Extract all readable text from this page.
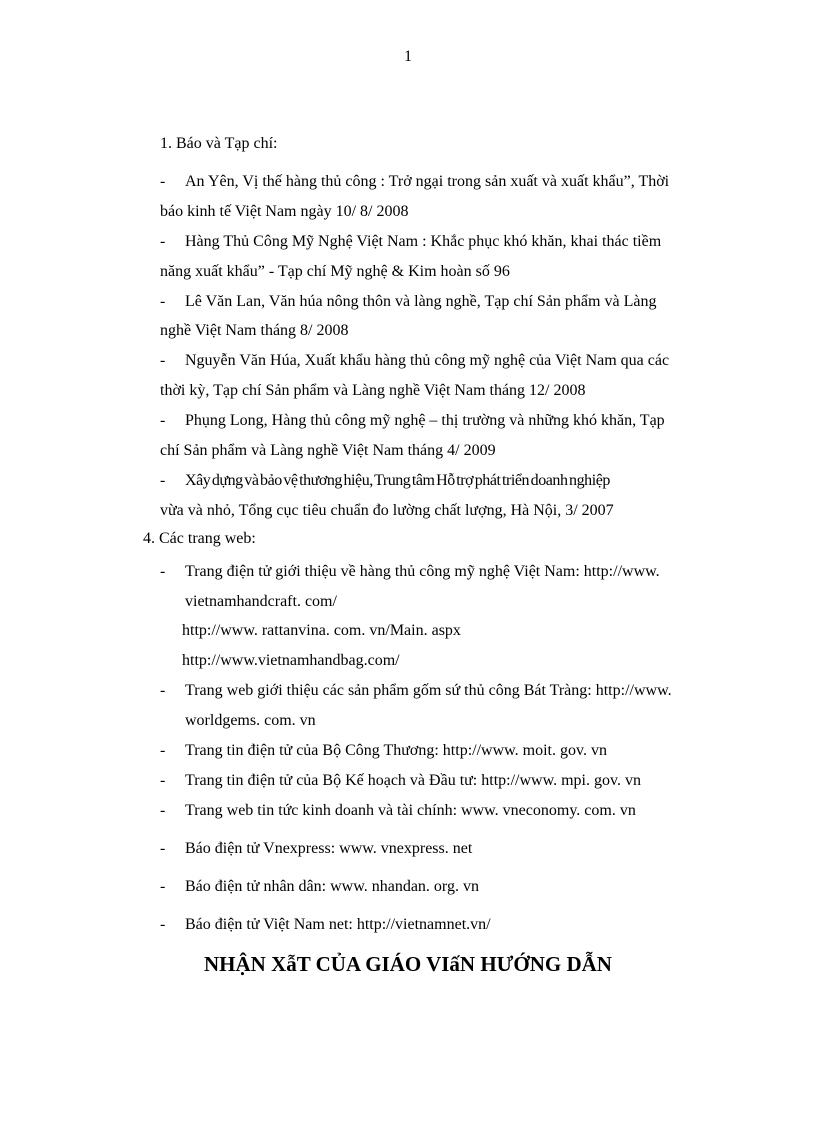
1
1. Báo và Tạp chí:
- An Yên, Vị thế hàng thủ công : Trở ngại trong sản xuất và xuất khẩu”, Thời
báo kinh tế Việt Nam ngày 10/ 8/ 2008
- Hàng Thủ Công Mỹ Nghệ Việt Nam : Khắc phục khó khăn, khai thác tiềm
năng xuất khẩu” - Tạp chí Mỹ nghệ & Kim hoàn số 96
- Lê Văn Lan, Văn húa nông thôn và làng nghề, Tạp chí Sản phẩm và Làng
nghề Việt Nam tháng 8/ 2008
- Nguyễn Văn Húa, Xuất khẩu hàng thủ công mỹ nghệ của Việt Nam qua các
thời kỳ, Tạp chí Sản phẩm và Làng nghề Việt Nam tháng 12/ 2008
- Phụng Long, Hàng thủ công mỹ nghệ – thị trường và những khó khăn, Tạp
chí Sản phẩm và Làng nghề Việt Nam tháng 4/ 2009
- Xây dựng và bảo vệ thương hiệu, Trung tâm Hỗ trợ phát triển doanh nghiệp
vừa và nhỏ, Tổng cục tiêu chuẩn đo lường chất lượng, Hà Nội, 3/ 2007
4. Các trang web:
- Trang điện tử giới thiệu về hàng thủ công mỹ nghệ Việt Nam: http://www.
vietnamhandcraft. com/
http://www. rattanvina. com. vn/Main. aspx
http://www.vietnamhandbag.com/
- Trang web giới thiệu các sản phẩm gốm sứ thủ công Bát Tràng: http://www.
worldgems. com. vn
- Trang tin điện tử của Bộ Công Thương: http://www. moit. gov. vn
- Trang tin điện tử của Bộ Kế hoạch và Đầu tư: http://www. mpi. gov. vn
- Trang web tin tức kinh doanh và tài chính: www. vneconomy. com. vn
- Báo điện tử Vnexpress: www. vnexpress. net
- Báo điện tử nhân dân: www. nhandan. org. vn
- Báo điện tử Việt Nam net: http://vietnamnet.vn/
NHẬN XẫT CỦA GIÁO VIấN HƯỚNG DẪN
